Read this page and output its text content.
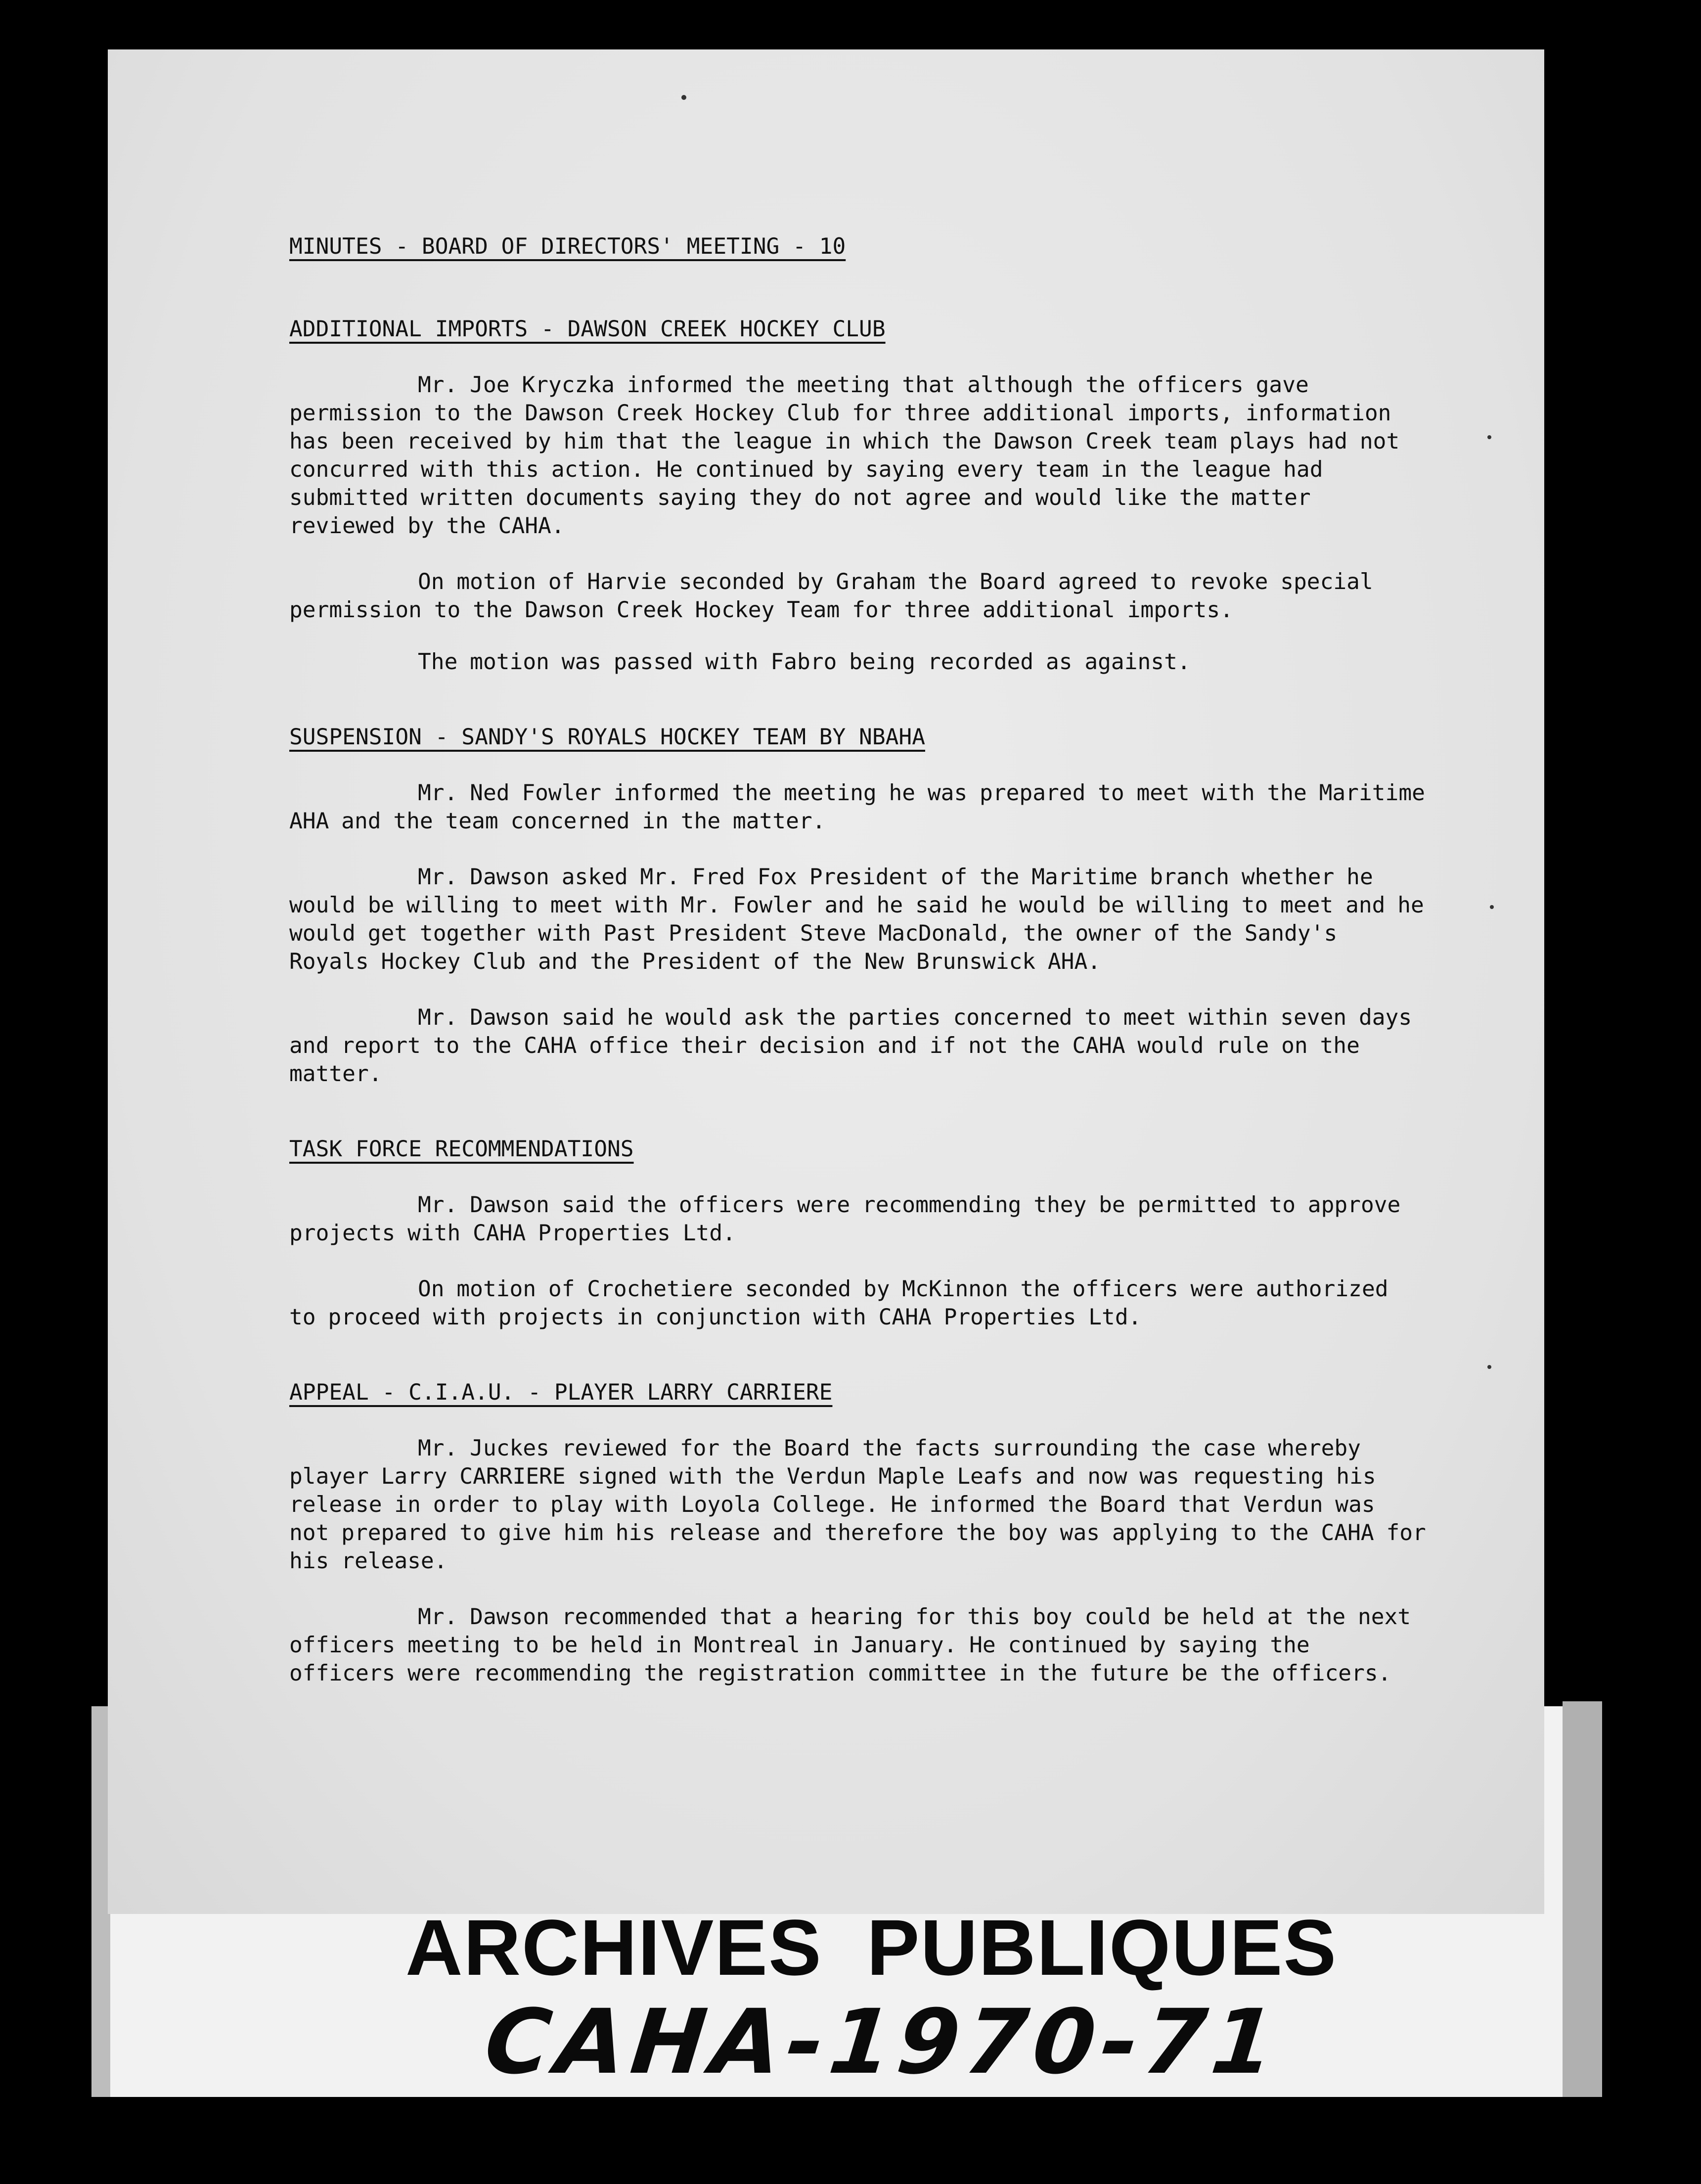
MINUTES - BOARD OF DIRECTORS' MEETING - 10
ADDITIONAL IMPORTS - DAWSON CREEK HOCKEY CLUB

Mr. Joe Kryczka informed the meeting that although the officers gave permission to the Dawson Creek Hockey Club for three additional imports, information has been received by him that the league in which the Dawson Creek team plays had not concurred with this action. He continued by saying every team in the league had submitted written documents saying they do not agree and would like the matter reviewed by the CAHA.

On motion of Harvie seconded by Graham the Board agreed to revoke special permission to the Dawson Creek Hockey Team for three additional imports.

The motion was passed with Fabro being recorded as against.

SUSPENSION - SANDY'S ROYALS HOCKEY TEAM BY NBAHA

Mr. Ned Fowler informed the meeting he was prepared to meet with the Maritime AHA and the team concerned in the matter.

Mr. Dawson asked Mr. Fred Fox President of the Maritime branch whether he would be willing to meet with Mr. Fowler and he said he would be willing to meet and he would get together with Past President Steve MacDonald, the owner of the Sandy's Royals Hockey Club and the President of the New Brunswick AHA.

Mr. Dawson said he would ask the parties concerned to meet within seven days and report to the CAHA office their decision and if not the CAHA would rule on the matter.

TASK FORCE RECOMMENDATIONS

Mr. Dawson said the officers were recommending they be permitted to approve projects with CAHA Properties Ltd.

On motion of Crochetiere seconded by McKinnon the officers were authorized to proceed with projects in conjunction with CAHA Properties Ltd.

APPEAL - C.I.A.U. - PLAYER LARRY CARRIERE

Mr. Juckes reviewed for the Board the facts surrounding the case whereby player Larry CARRIERE signed with the Verdun Maple Leafs and now was requesting his release in order to play with Loyola College. He informed the Board that Verdun was not prepared to give him his release and therefore the boy was applying to the CAHA for his release.

Mr. Dawson recommended that a hearing for this boy could be held at the next officers meeting to be held in Montreal in January. He continued by saying the officers were recommending the registration committee in the future be the officers.

ARCHIVES PUBLIQUES
CAHA-1970-71
